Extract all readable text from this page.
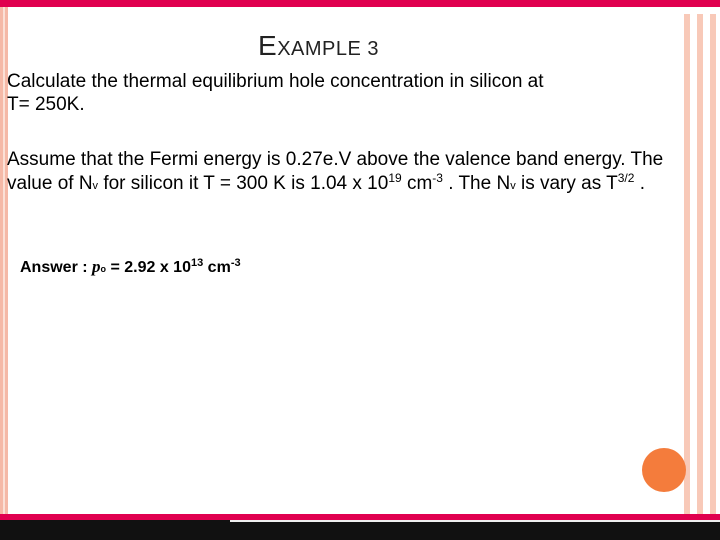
EXAMPLE 3
Calculate the thermal equilibrium hole concentration in silicon at
T= 250K.
Assume that the Fermi energy is 0.27e.V above the valence band energy. The value of Nv for silicon it T = 300 K is 1.04 x $10^{19}$ $cm^{-3}$ . The Nv is vary as $T^{3/2}$ .
Answer : po = 2.92 x $10^{13}$ $cm^{-3}$
